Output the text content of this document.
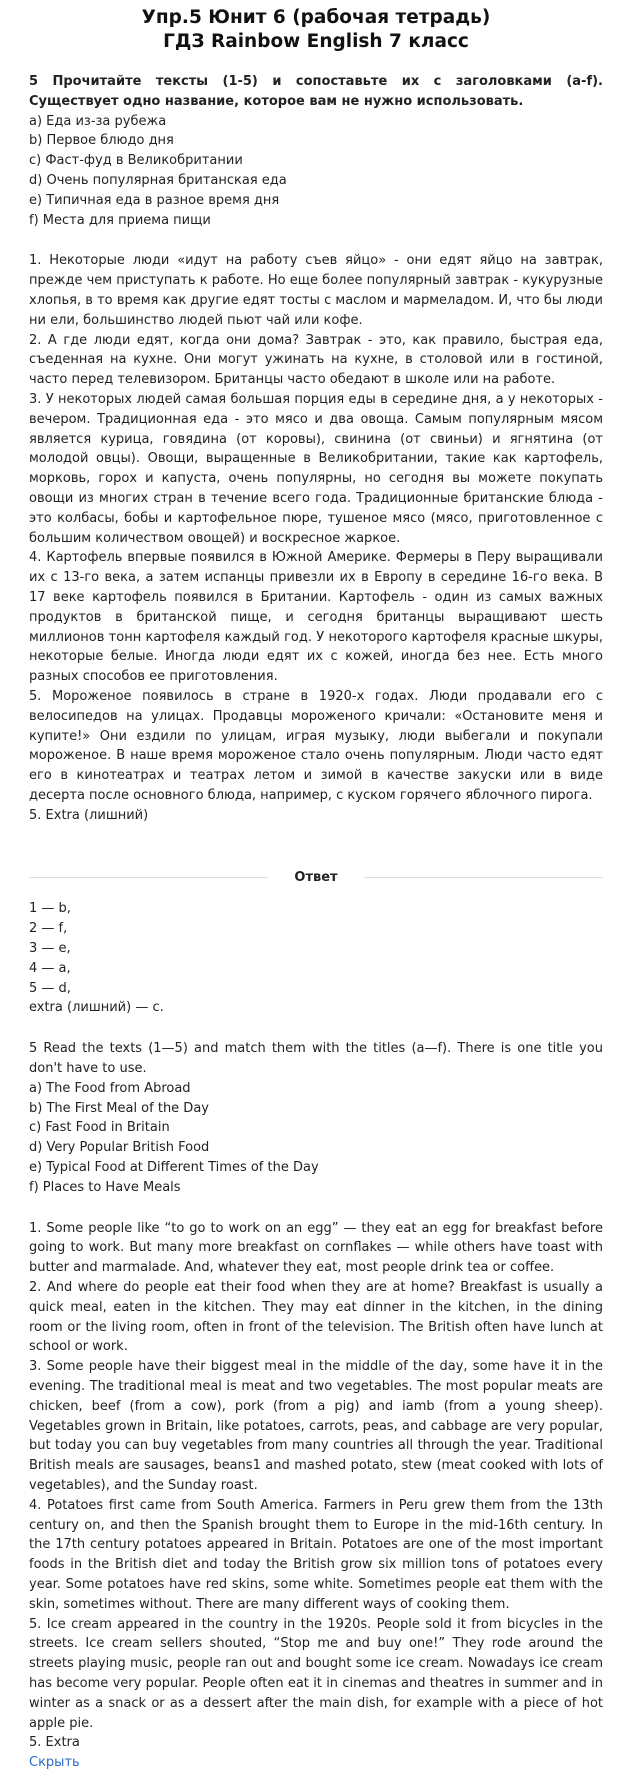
Упр.5 Юнит 6 (рабочая тетрадь)
ГДЗ Rainbow English 7 класс

5 Прочитайте тексты (1-5) и сопоставьте их с заголовками (a-f). Существует одно название, которое вам не нужно использовать.

a) Еда из-за рубежа
b) Первое блюдо дня
c) Фаст-фуд в Великобритании
d) Очень популярная британская еда
e) Типичная еда в разное время дня
f) Места для приема пищи

1. Некоторые люди «идут на работу съев яйцо» - они едят яйцо на завтрак, прежде чем приступать к работе. Но еще более популярный завтрак - кукурузные хлопья, в то время как другие едят тосты с маслом и мармеладом. И, что бы люди ни ели, большинство людей пьют чай или кофе.

2. А где люди едят, когда они дома? Завтрак - это, как правило, быстрая еда, съеденная на кухне. Они могут ужинать на кухне, в столовой или в гостиной, часто перед телевизором. Британцы часто обедают в школе или на работе.

3. У некоторых людей самая большая порция еды в середине дня, а у некоторых - вечером. Традиционная еда - это мясо и два овоща. Самым популярным мясом является курица, говядина (от коровы), свинина (от свиньи) и ягнятина (от молодой овцы). Овощи, выращенные в Великобритании, такие как картофель, морковь, горох и капуста, очень популярны, но сегодня вы можете покупать овощи из многих стран в течение всего года. Традиционные британские блюда - это колбасы, бобы и картофельное пюре, тушеное мясо (мясо, приготовленное с большим количеством овощей) и воскресное жаркое.

4. Картофель впервые появился в Южной Америке. Фермеры в Перу выращивали их с 13-го века, а затем испанцы привезли их в Европу в середине 16-го века. В 17 веке картофель появился в Британии. Картофель - один из самых важных продуктов в британской пище, и сегодня британцы выращивают шесть миллионов тонн картофеля каждый год. У некоторого картофеля красные шкуры, некоторые белые. Иногда люди едят их с кожей, иногда без нее. Есть много разных способов ее приготовления.

5. Мороженое появилось в стране в 1920-х годах. Люди продавали его с велосипедов на улицах. Продавцы мороженого кричали: «Остановите меня и купите!» Они ездили по улицам, играя музыку, люди выбегали и покупали мороженое. В наше время мороженое стало очень популярным. Люди часто едят его в кинотеатрах и театрах летом и зимой в качестве закуски или в виде десерта после основного блюда, например, с куском горячего яблочного пирога.

5. Extra (лишний)

Ответ
1 — b,
2 — f,
3 — e,
4 — a,
5 — d,
extra (лишний) — c.

5 Read the texts (1—5) and match them with the titles (a—f). There is one title you don't have to use.

a) The Food from Abroad
b) The First Meal of the Day
c) Fast Food in Britain
d) Very Popular British Food
e) Typical Food at Different Times of the Day
f) Places to Have Meals

1. Some people like “to go to work on an egg” — they eat an egg for breakfast before going to work. But many more breakfast on cornflakes — while others have toast with butter and marmalade. And, whatever they eat, most people drink tea or coffee.

2. And where do people eat their food when they are at home? Breakfast is usually a quick meal, eaten in the kitchen. They may eat dinner in the kitchen, in the dining room or the living room, often in front of the television. The British often have lunch at school or work.

3. Some people have their biggest meal in the middle of the day, some have it in the evening. The traditional meal is meat and two vegetables. The most popular meats are chicken, beef (from a cow), pork (from a pig) and iamb (from a young sheep). Vegetables grown in Britain, like potatoes, carrots, peas, and cabbage are very popular, but today you can buy vegetables from many countries all through the year. Traditional British meals are sausages, beans1 and mashed potato, stew (meat cooked with lots of vegetables), and the Sunday roast.

4. Potatoes first came from South America. Farmers in Peru grew them from the 13th century on, and then the Spanish brought them to Europe in the mid-16th century. In the 17th century potatoes appeared in Britain. Potatoes are one of the most important foods in the British diet and today the British grow six million tons of potatoes every year. Some potatoes have red skins, some white. Sometimes people eat them with the skin, sometimes without. There are many different ways of cooking them.

5. Ice cream appeared in the country in the 1920s. People sold it from bicycles in the streets. Ice cream sellers shouted, “Stop me and buy one!” They rode around the streets playing music, people ran out and bought some ice cream. Nowadays ice cream has become very popular. People often eat it in cinemas and theatres in summer and in winter as a snack or as a dessert after the main dish, for example with a piece of hot apple pie.

5. Extra

Скрыть
